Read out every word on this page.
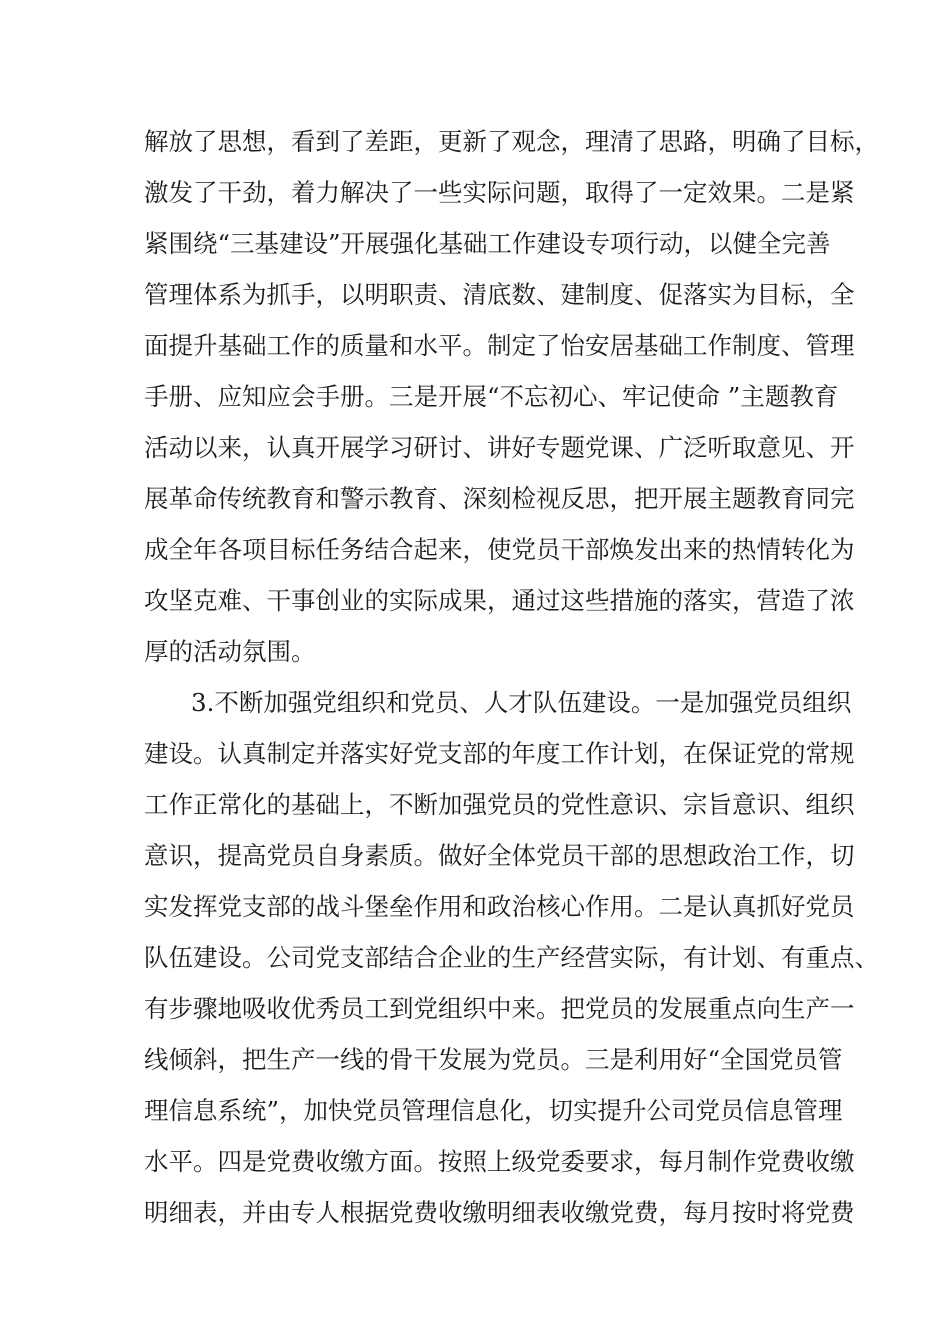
解放了思想，看到了差距，更新了观念，理清了思路，明确了目标，
激发了干劲，着力解决了一些实际问题，取得了一定效果。二是紧
紧围绕“三基建设”开展强化基础工作建设专项行动，以健全完善
管理体系为抓手，以明职责、清底数、建制度、促落实为目标，全
面提升基础工作的质量和水平。制定了怡安居基础工作制度、管理
手册、应知应会手册。三是开展“不忘初心、牢记使命 ”主题教育
活动以来，认真开展学习研讨、讲好专题党课、广泛听取意见、开
展革命传统教育和警示教育、深刻检视反思，把开展主题教育同完
成全年各项目标任务结合起来，使党员干部焕发出来的热情转化为
攻坚克难、干事创业的实际成果，通过这些措施的落实，营造了浓
厚的活动氛围。
3.不断加强党组织和党员、人才队伍建设。一是加强党员组织
建设。认真制定并落实好党支部的年度工作计划，在保证党的常规
工作正常化的基础上，不断加强党员的党性意识、宗旨意识、组织
意识，提高党员自身素质。做好全体党员干部的思想政治工作，切
实发挥党支部的战斗堡垒作用和政治核心作用。二是认真抓好党员
队伍建设。公司党支部结合企业的生产经营实际，有计划、有重点、
有步骤地吸收优秀员工到党组织中来。把党员的发展重点向生产一
线倾斜，把生产一线的骨干发展为党员。三是利用好“全国党员管
理信息系统”，加快党员管理信息化，切实提升公司党员信息管理
水平。四是党费收缴方面。按照上级党委要求，每月制作党费收缴
明细表，并由专人根据党费收缴明细表收缴党费，每月按时将党费
